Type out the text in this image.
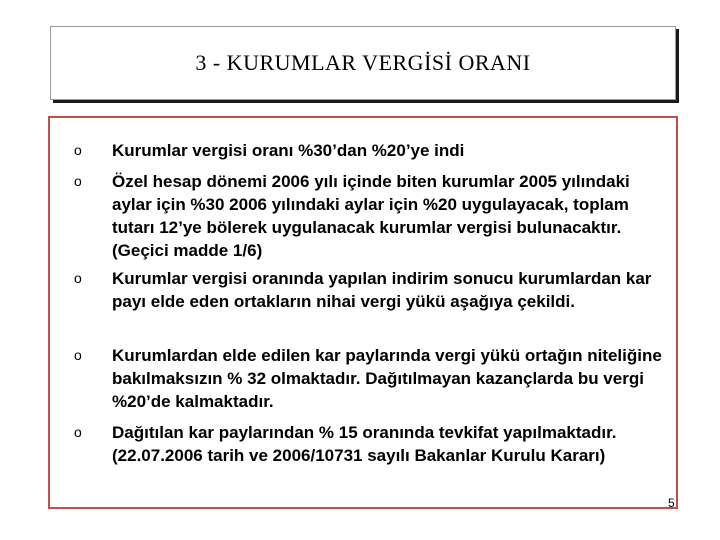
3 - KURUMLAR VERGİSİ ORANI
o Kurumlar vergisi oranı %30’dan %20’ye indi
o Özel hesap dönemi 2006 yılı içinde biten kurumlar 2005 yılındaki aylar için %30 2006 yılındaki aylar için %20 uygulayacak, toplam tutarı 12’ye bölerek uygulanacak kurumlar vergisi bulunacaktır. (Geçici madde 1/6)
o Kurumlar vergisi oranında yapılan indirim sonucu kurumlardan kar payı elde eden ortakların nihai vergi yükü aşağıya çekildi.
o Kurumlardan elde edilen kar paylarında vergi yükü ortağın niteliğine bakılmaksızın % 32 olmaktadır. Dağıtılmayan kazançlarda bu vergi %20’de kalmaktadır.
o Dağıtılan kar paylarından % 15 oranında tevkifat yapılmaktadır. (22.07.2006 tarih ve 2006/10731 sayılı Bakanlar Kurulu Kararı)
5
